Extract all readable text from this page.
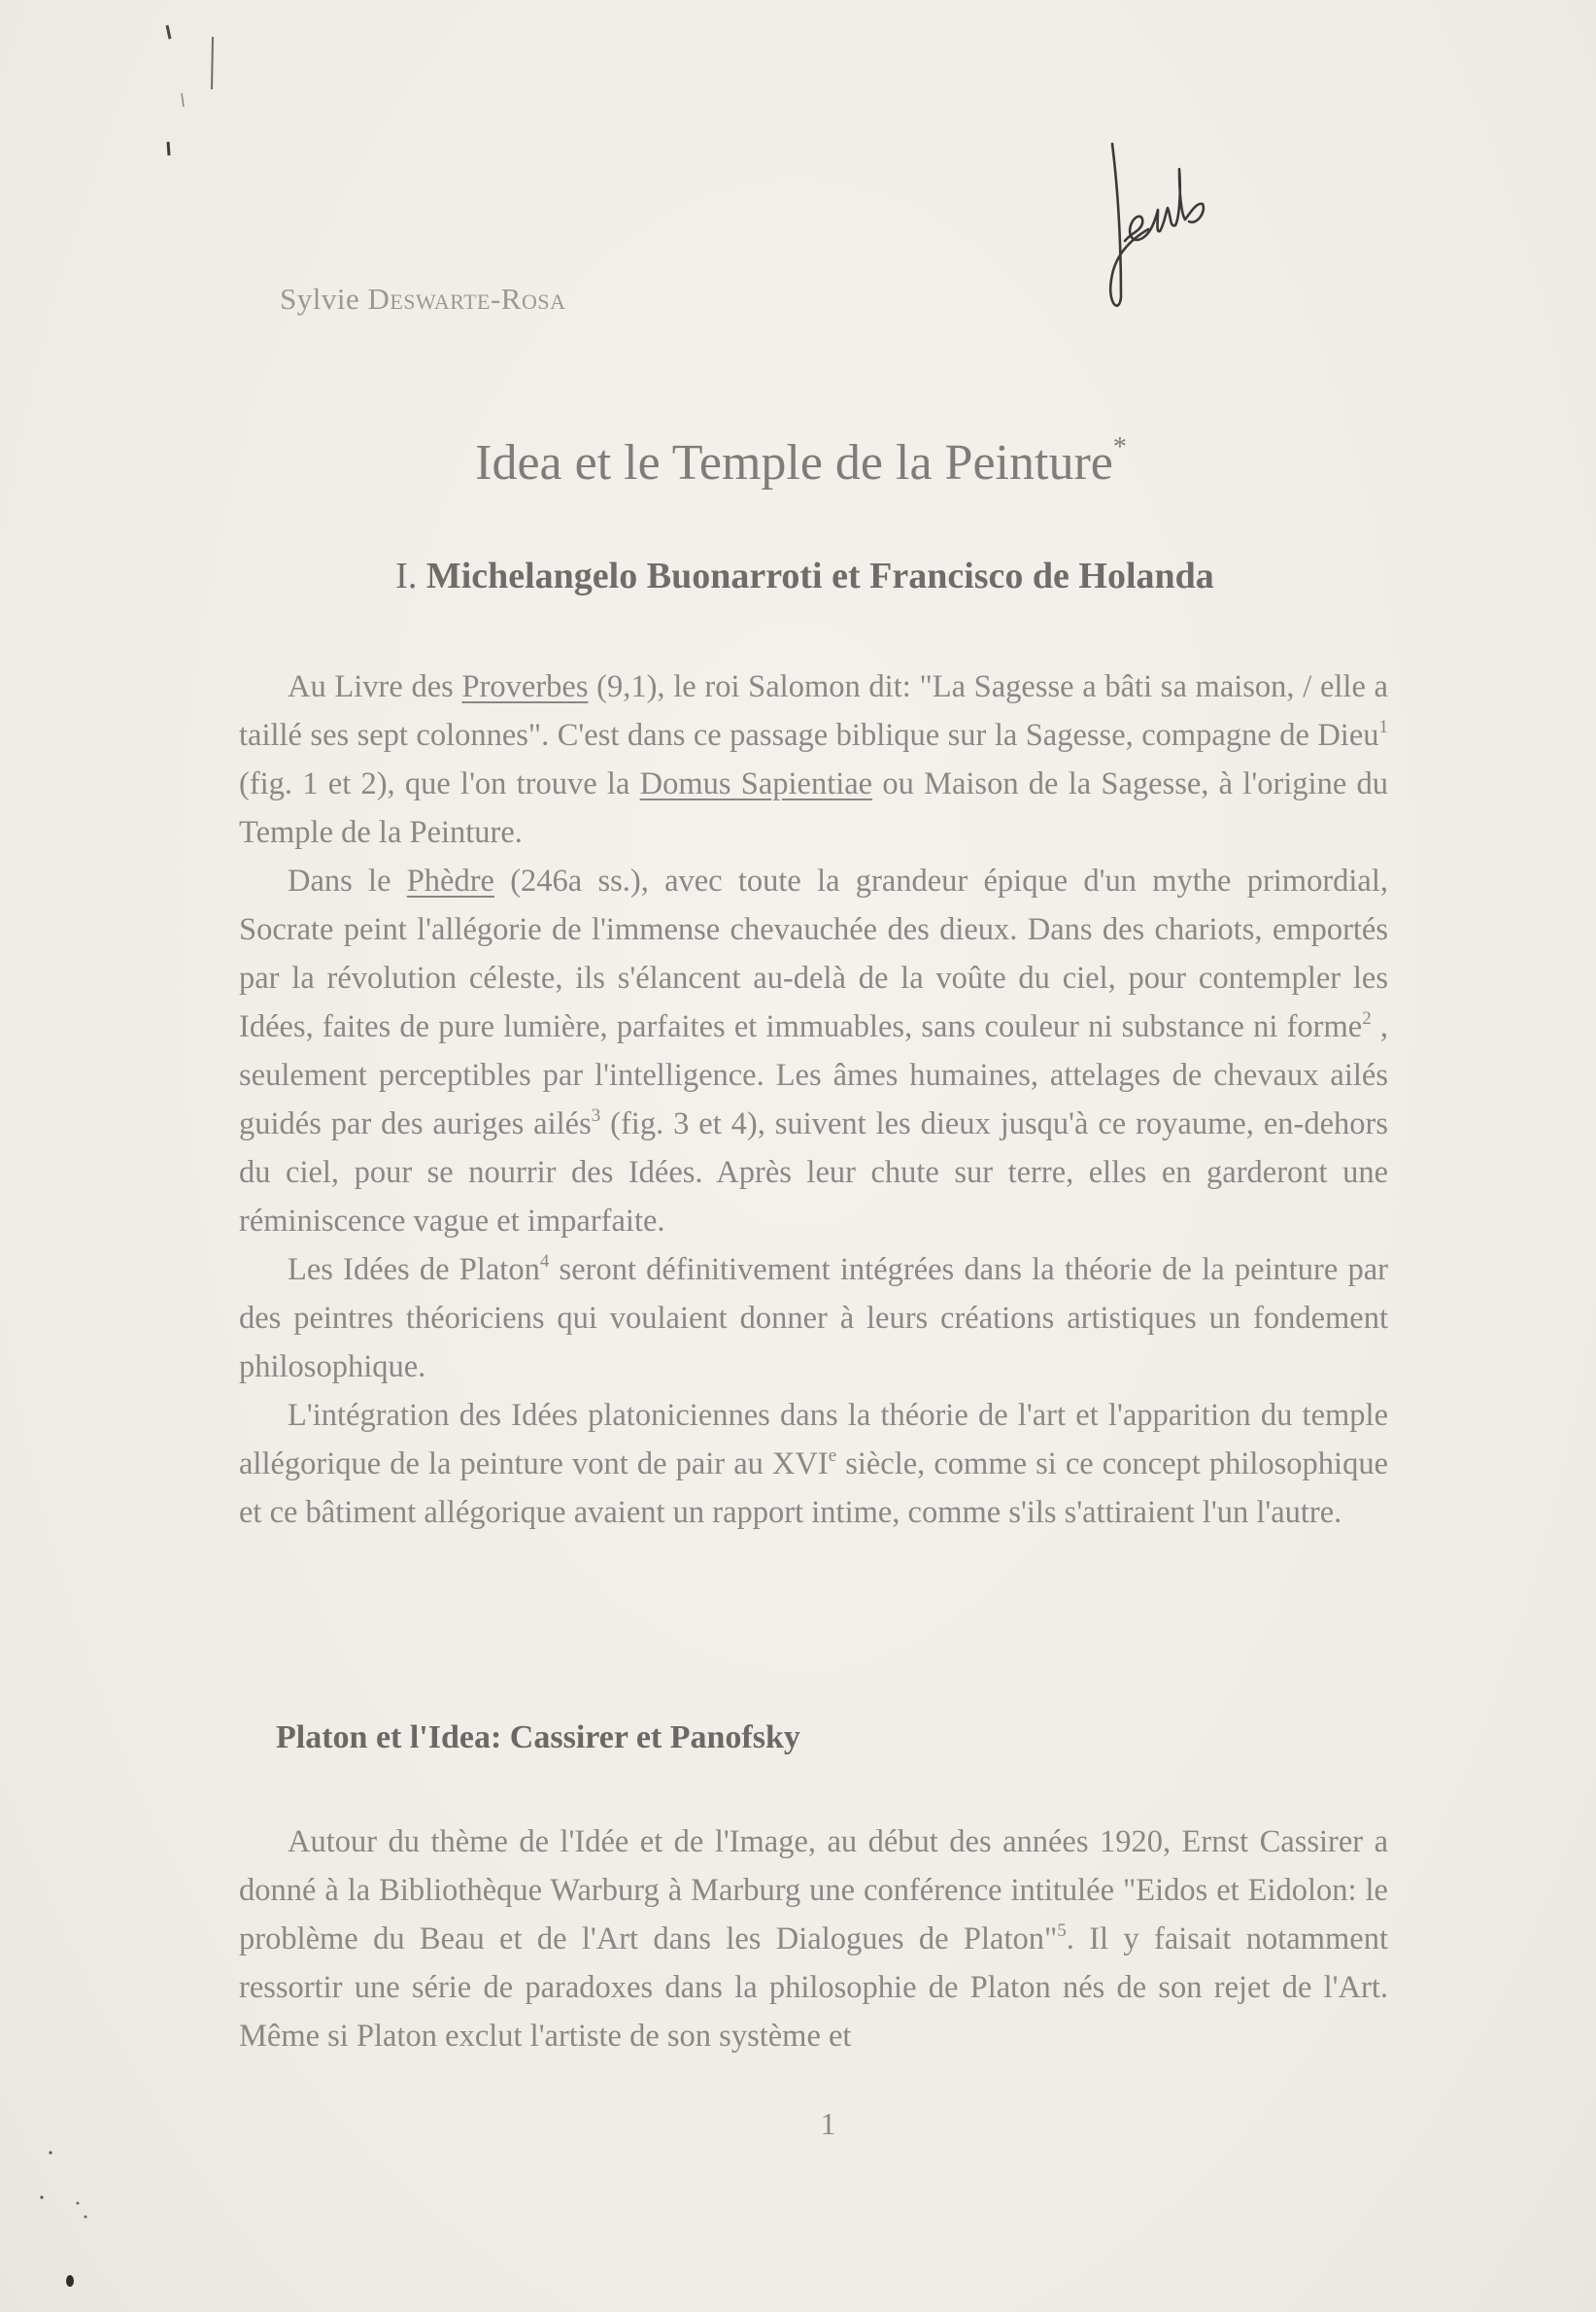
Sylvie Deswarte-Rosa
Idea et le Temple de la Peinture*
I. Michelangelo Buonarroti et Francisco de Holanda

Au Livre des Proverbes (9,1), le roi Salomon dit: "La Sagesse a bâti sa maison, / elle a taillé ses sept colonnes". C'est dans ce passage biblique sur la Sagesse, compagne de Dieu$^1$ (fig. 1 et 2), que l'on trouve la Domus Sapientiae ou Maison de la Sagesse, à l'origine du Temple de la Peinture.

Dans le Phèdre (246a ss.), avec toute la grandeur épique d'un mythe primordial, Socrate peint l'allégorie de l'immense chevauchée des dieux. Dans des chariots, emportés par la révolution céleste, ils s'élancent au-delà de la voûte du ciel, pour contempler les Idées, faites de pure lumière, parfaites et immuables, sans couleur ni substance ni forme$^2$ , seulement perceptibles par l'intelligence. Les âmes humaines, attelages de chevaux ailés guidés par des auriges ailés$^3$ (fig. 3 et 4), suivent les dieux jusqu'à ce royaume, en-dehors du ciel, pour se nourrir des Idées. Après leur chute sur terre, elles en garderont une réminiscence vague et imparfaite.

Les Idées de Platon$^4$ seront définitivement intégrées dans la théorie de la peinture par des peintres théoriciens qui voulaient donner à leurs créations artistiques un fondement philosophique.

L'intégration des Idées platoniciennes dans la théorie de l'art et l'apparition du temple allégorique de la peinture vont de pair au XVIe siècle, comme si ce concept philosophique et ce bâtiment allégorique avaient un rapport intime, comme s'ils s'attiraient l'un l'autre.

Platon et l'Idea: Cassirer et Panofsky

Autour du thème de l'Idée et de l'Image, au début des années 1920, Ernst Cassirer a donné à la Bibliothèque Warburg à Marburg une conférence intitulée "Eidos et Eidolon: le problème du Beau et de l'Art dans les Dialogues de Platon"$^5$. Il y faisait notamment ressortir une série de paradoxes dans la philosophie de Platon nés de son rejet de l'Art. Même si Platon exclut l'artiste de son système et

1
